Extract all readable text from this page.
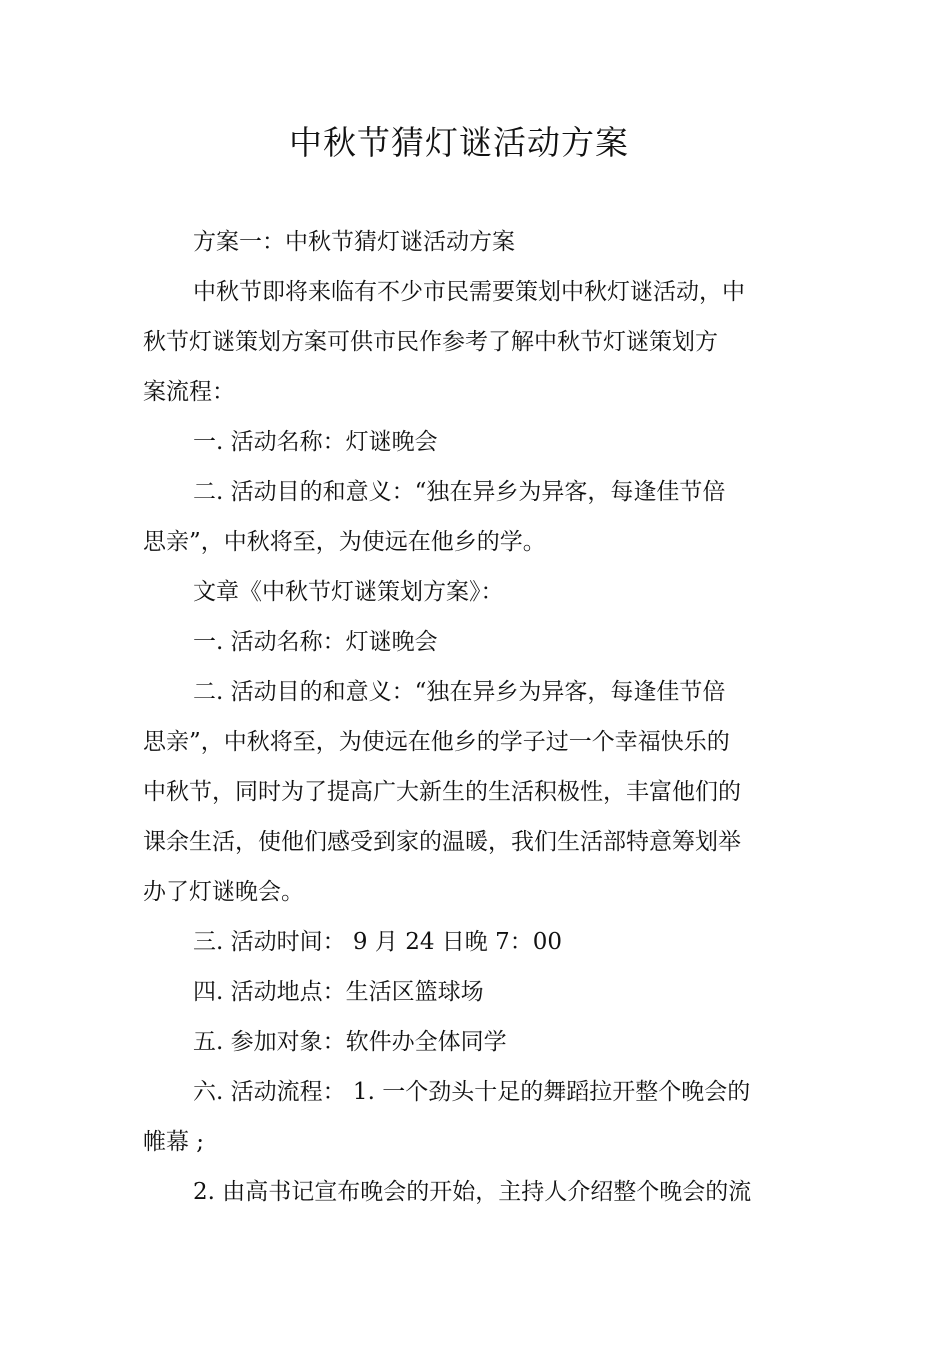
中秋节猜灯谜活动方案
方案一：中秋节猜灯谜活动方案
中秋节即将来临有不少市民需要策划中秋灯谜活动，中
秋节灯谜策划方案可供市民作参考了解中秋节灯谜策划方
案流程：
一. 活动名称：灯谜晚会
二. 活动目的和意义：“独在异乡为异客，每逢佳节倍
思亲”，中秋将至，为使远在他乡的学。
文章《中秋节灯谜策划方案》：
一. 活动名称：灯谜晚会
二. 活动目的和意义：“独在异乡为异客，每逢佳节倍
思亲”，中秋将至，为使远在他乡的学子过一个幸福快乐的
中秋节，同时为了提高广大新生的生活积极性，丰富他们的
课余生活，使他们感受到家的温暖，我们生活部特意筹划举
办了灯谜晚会。
三. 活动时间： 9 月 24 日晚 7：00
四. 活动地点：生活区篮球场
五. 参加对象：软件办全体同学
六. 活动流程： 1. 一个劲头十足的舞蹈拉开整个晚会的
帷幕 ;
2. 由高书记宣布晚会的开始，主持人介绍整个晚会的流
